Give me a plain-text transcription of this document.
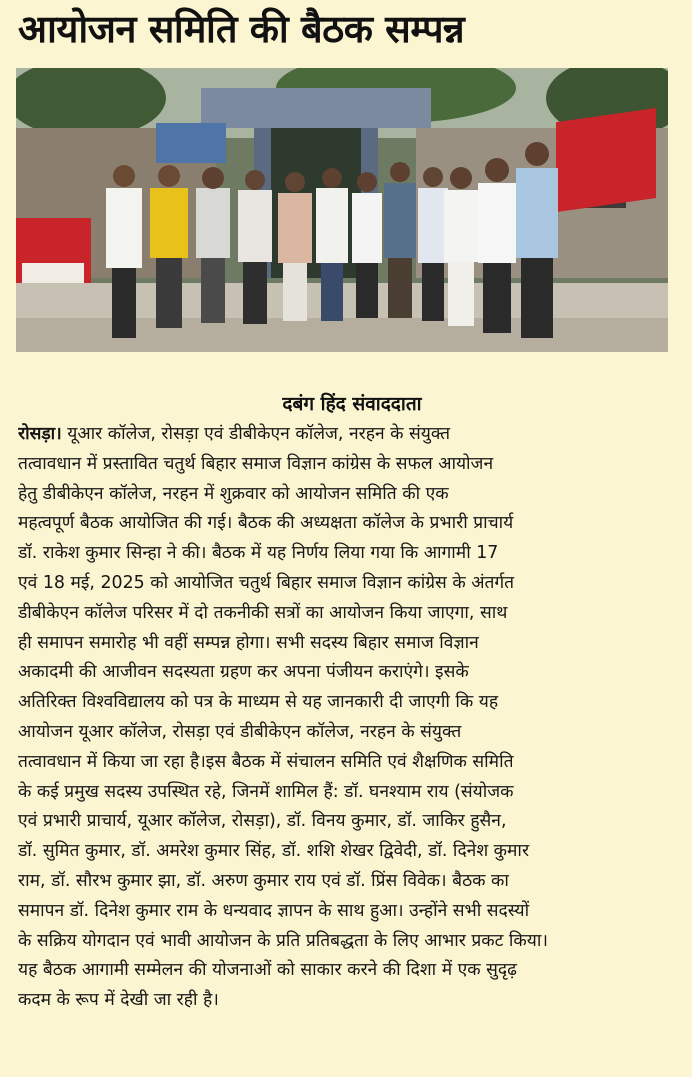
आयोजन समिति की बैठक सम्पन्न
दबंग हिंद संवाददाता
रोसड़ा। यूआर कॉलेज, रोसड़ा एवं डीबीकेएन कॉलेज, नरहन के संयुक्त
तत्वावधान में प्रस्तावित चतुर्थ बिहार समाज विज्ञान कांग्रेस के सफल आयोजन
हेतु डीबीकेएन कॉलेज, नरहन में शुक्रवार को आयोजन समिति की एक
महत्वपूर्ण बैठक आयोजित की गई। बैठक की अध्यक्षता कॉलेज के प्रभारी प्राचार्य
डॉ. राकेश कुमार सिन्हा ने की। बैठक में यह निर्णय लिया गया कि आगामी 17
एवं 18 मई, 2025 को आयोजित चतुर्थ बिहार समाज विज्ञान कांग्रेस के अंतर्गत
डीबीकेएन कॉलेज परिसर में दो तकनीकी सत्रों का आयोजन किया जाएगा, साथ
ही समापन समारोह भी वहीं सम्पन्न होगा। सभी सदस्य बिहार समाज विज्ञान
अकादमी की आजीवन सदस्यता ग्रहण कर अपना पंजीयन कराएंगे। इसके
अतिरिक्त विश्वविद्यालय को पत्र के माध्यम से यह जानकारी दी जाएगी कि यह
आयोजन यूआर कॉलेज, रोसड़ा एवं डीबीकेएन कॉलेज, नरहन के संयुक्त
तत्वावधान में किया जा रहा है।इस बैठक में संचालन समिति एवं शैक्षणिक समिति
के कई प्रमुख सदस्य उपस्थित रहे, जिनमें शामिल हैं: डॉ. घनश्याम राय (संयोजक
एवं प्रभारी प्राचार्य, यूआर कॉलेज, रोसड़ा), डॉ. विनय कुमार, डॉ. जाकिर हुसैन,
डॉ. सुमित कुमार, डॉ. अमरेश कुमार सिंह, डॉ. शशि शेखर द्विवेदी, डॉ. दिनेश कुमार
राम, डॉ. सौरभ कुमार झा, डॉ. अरुण कुमार राय एवं डॉ. प्रिंस विवेक। बैठक का
समापन डॉ. दिनेश कुमार राम के धन्यवाद ज्ञापन के साथ हुआ। उन्होंने सभी सदस्यों
के सक्रिय योगदान एवं भावी आयोजन के प्रति प्रतिबद्धता के लिए आभार प्रकट किया।
यह बैठक आगामी सम्मेलन की योजनाओं को साकार करने की दिशा में एक सुदृढ़
कदम के रूप में देखी जा रही है।
